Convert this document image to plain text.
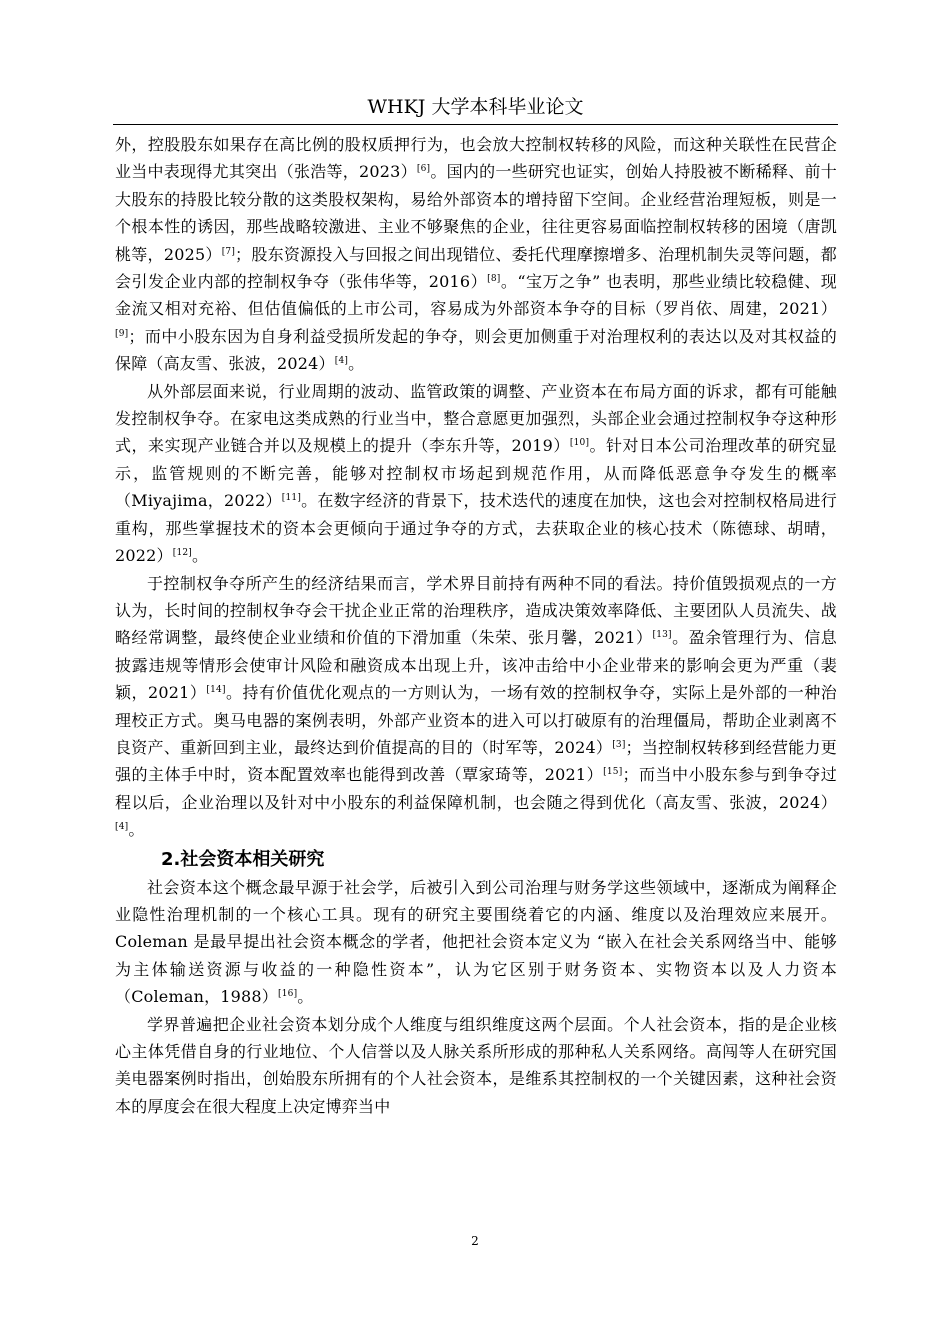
WHKJ 大学本科毕业论文

外，控股股东如果存在高比例的股权质押行为，也会放大控制权转移的风险，而这种关联性在民营企业当中表现得尤其突出（张浩等，2023）[6]。国内的一些研究也证实，创始人持股被不断稀释、前十大股东的持股比较分散的这类股权架构，易给外部资本的增持留下空间。企业经营治理短板，则是一个根本性的诱因，那些战略较激进、主业不够聚焦的企业，往往更容易面临控制权转移的困境（唐凯桃等，2025）[7]；股东资源投入与回报之间出现错位、委托代理摩擦增多、治理机制失灵等问题，都会引发企业内部的控制权争夺（张伟华等，2016）[8]。“宝万之争” 也表明，那些业绩比较稳健、现金流又相对充裕、但估值偏低的上市公司，容易成为外部资本争夺的目标（罗肖依、周建，2021）[9]；而中小股东因为自身利益受损所发起的争夺，则会更加侧重于对治理权利的表达以及对其权益的保障（高友雪、张波，2024）[4]。

从外部层面来说，行业周期的波动、监管政策的调整、产业资本在布局方面的诉求，都有可能触发控制权争夺。在家电这类成熟的行业当中，整合意愿更加强烈，头部企业会通过控制权争夺这种形式，来实现产业链合并以及规模上的提升（李东升等，2019）[10]。针对日本公司治理改革的研究显示，监管规则的不断完善，能够对控制权市场起到规范作用，从而降低恶意争夺发生的概率（Miyajima，2022）[11]。在数字经济的背景下，技术迭代的速度在加快，这也会对控制权格局进行重构，那些掌握技术的资本会更倾向于通过争夺的方式，去获取企业的核心技术（陈德球、胡晴，2022）[12]。

于控制权争夺所产生的经济结果而言，学术界目前持有两种不同的看法。持价值毁损观点的一方认为，长时间的控制权争夺会干扰企业正常的治理秩序，造成决策效率降低、主要团队人员流失、战略经常调整，最终使企业业绩和价值的下滑加重（朱荣、张月馨，2021）[13]。盈余管理行为、信息披露违规等情形会使审计风险和融资成本出现上升，该冲击给中小企业带来的影响会更为严重（裴颖，2021）[14]。持有价值优化观点的一方则认为，一场有效的控制权争夺，实际上是外部的一种治理校正方式。奥马电器的案例表明，外部产业资本的进入可以打破原有的治理僵局，帮助企业剥离不良资产、重新回到主业，最终达到价值提高的目的（时军等，2024）[3]；当控制权转移到经营能力更强的主体手中时，资本配置效率也能得到改善（覃家琦等，2021）[15]；而当中小股东参与到争夺过程以后，企业治理以及针对中小股东的利益保障机制，也会随之得到优化（高友雪、张波，2024）[4]。

2.社会资本相关研究

社会资本这个概念最早源于社会学，后被引入到公司治理与财务学这些领域中，逐渐成为阐释企业隐性治理机制的一个核心工具。现有的研究主要围绕着它的内涵、维度以及治理效应来展开。Coleman 是最早提出社会资本概念的学者，他把社会资本定义为 “嵌入在社会关系网络当中、能够为主体输送资源与收益的一种隐性资本”，认为它区别于财务资本、实物资本以及人力资本（Coleman，1988）[16]。

学界普遍把企业社会资本划分成个人维度与组织维度这两个层面。个人社会资本，指的是企业核心主体凭借自身的行业地位、个人信誉以及人脉关系所形成的那种私人关系网络。高闯等人在研究国美电器案例时指出，创始股东所拥有的个人社会资本，是维系其控制权的一个关键因素，这种社会资本的厚度会在很大程度上决定博弈当中

2
